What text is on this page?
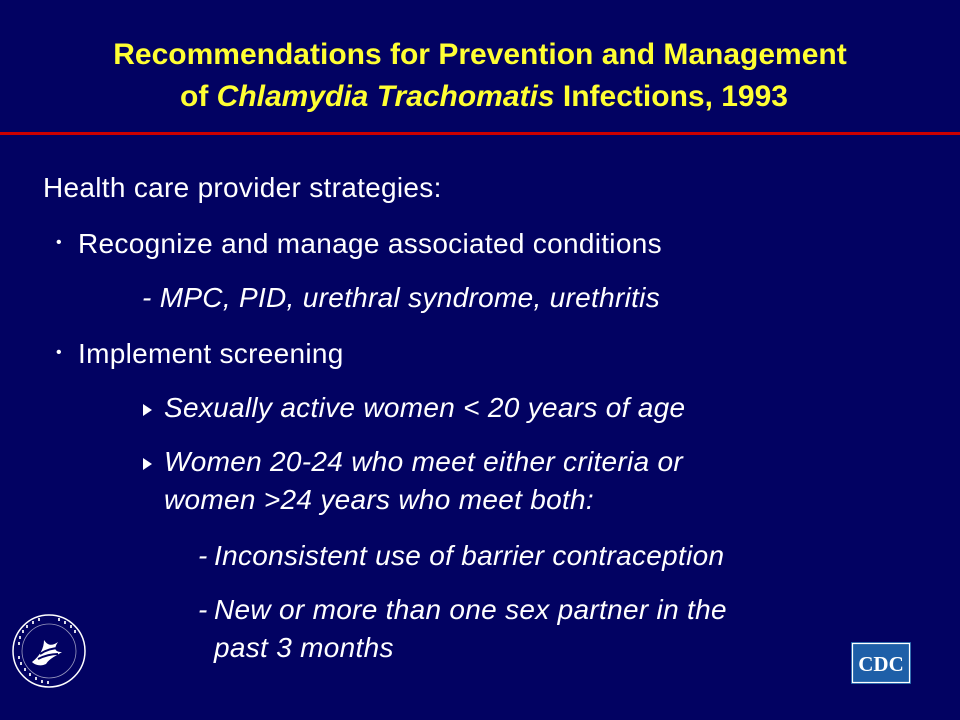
Recommendations for Prevention and Management
of Chlamydia Trachomatis Infections, 1993
Health care provider strategies:
• Recognize and manage associated conditions
- MPC, PID, urethral syndrome, urethritis
• Implement screening
Sexually active women < 20 years of age
Women 20-24 who meet either criteria or
women >24 years who meet both:
- Inconsistent use of barrier contraception
- New or more than one sex partner in the
past 3 months
CDC
